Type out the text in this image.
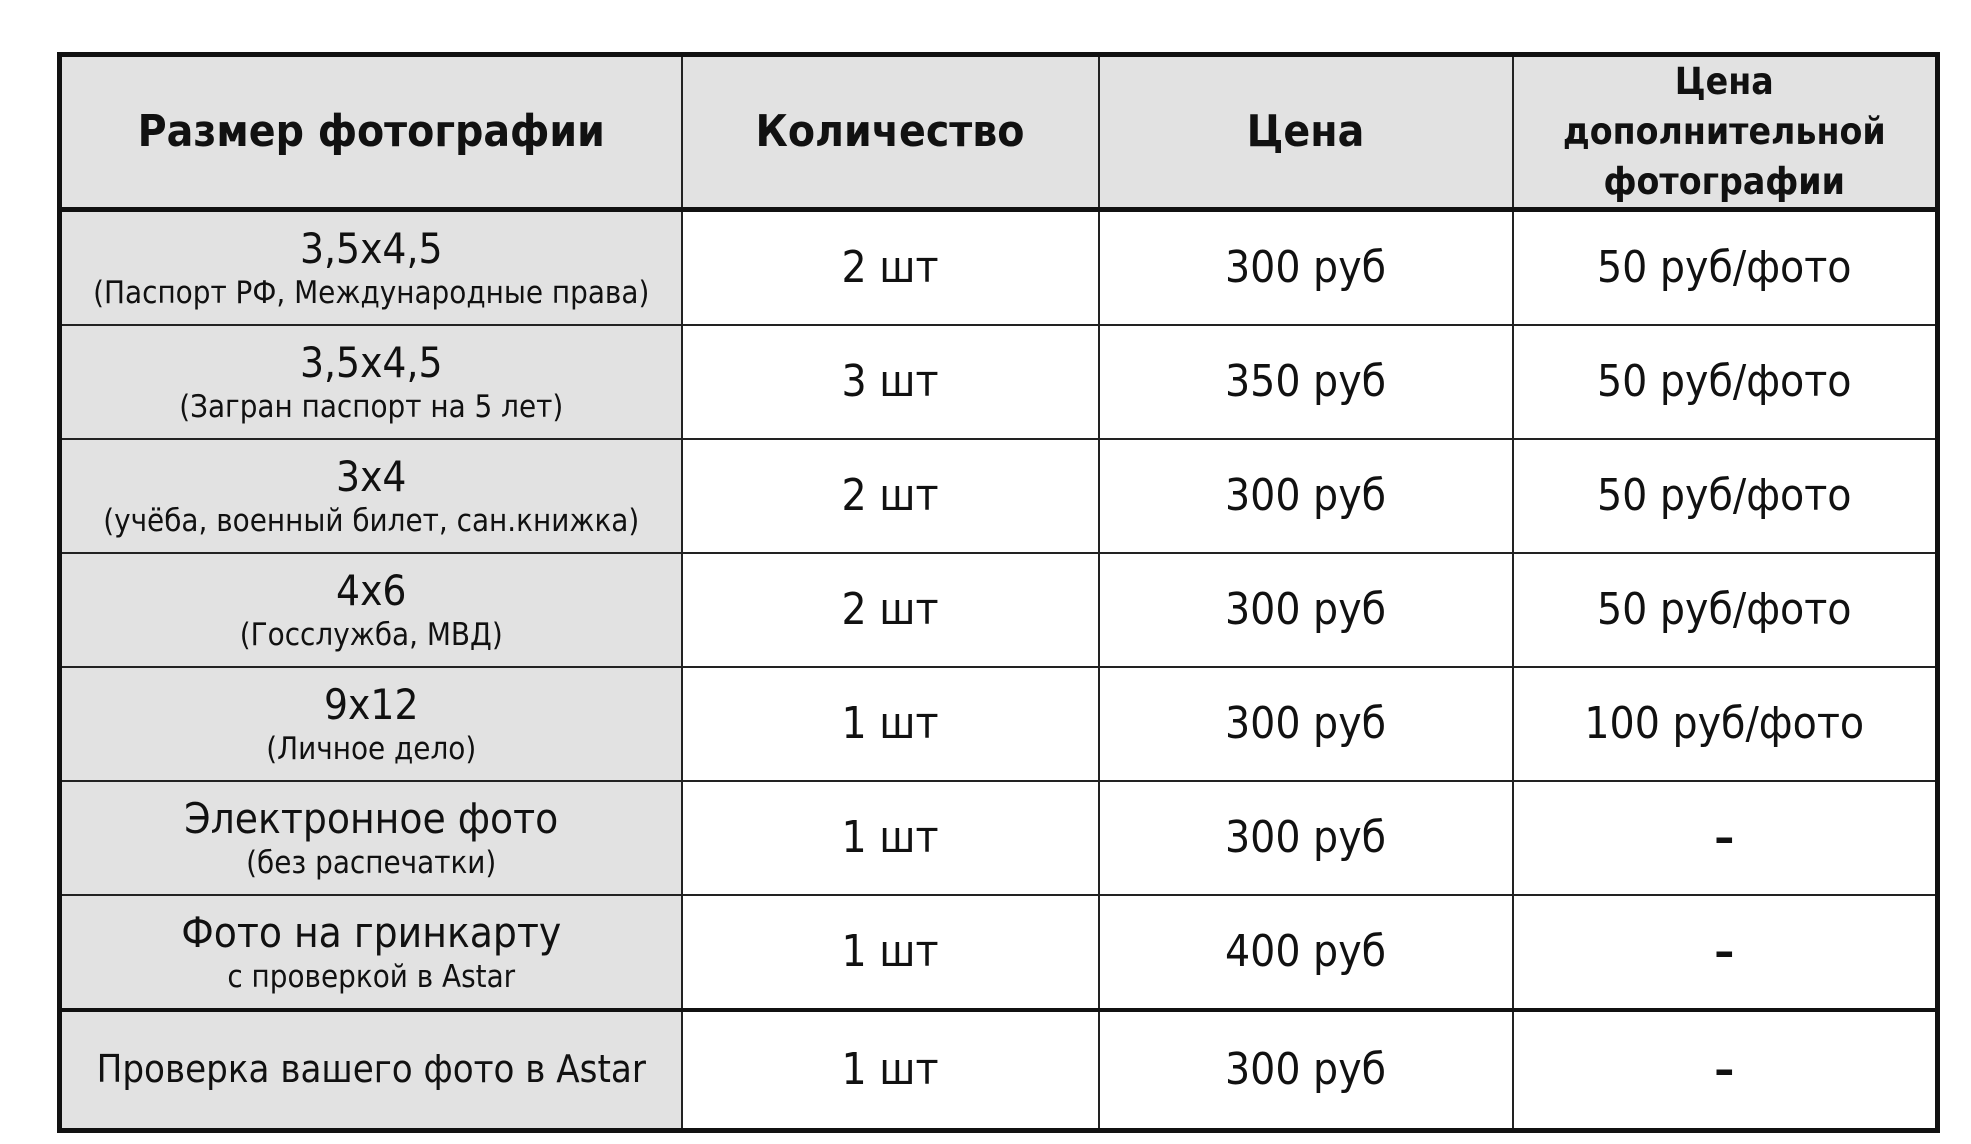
Размер фотографии	Количество	Цена	Цена дополнительной фотографии

3,5х4,5
(Паспорт РФ, Международные права)	2 шт	300 руб	50 руб/фото

3,5х4,5
(Загран паспорт на 5 лет)	3 шт	350 руб	50 руб/фото

3х4
(учёба, военный билет, сан.книжка)	2 шт	300 руб	50 руб/фото

4х6
(Госслужба, МВД)	2 шт	300 руб	50 руб/фото

9х12
(Личное дело)	1 шт	300 руб	100 руб/фото

Электронное фото
(без распечатки)	1 шт	300 руб	–

Фото на гринкарту
с проверкой в Astar	1 шт	400 руб	–

Проверка вашего фото в Astar	1 шт	300 руб	–
